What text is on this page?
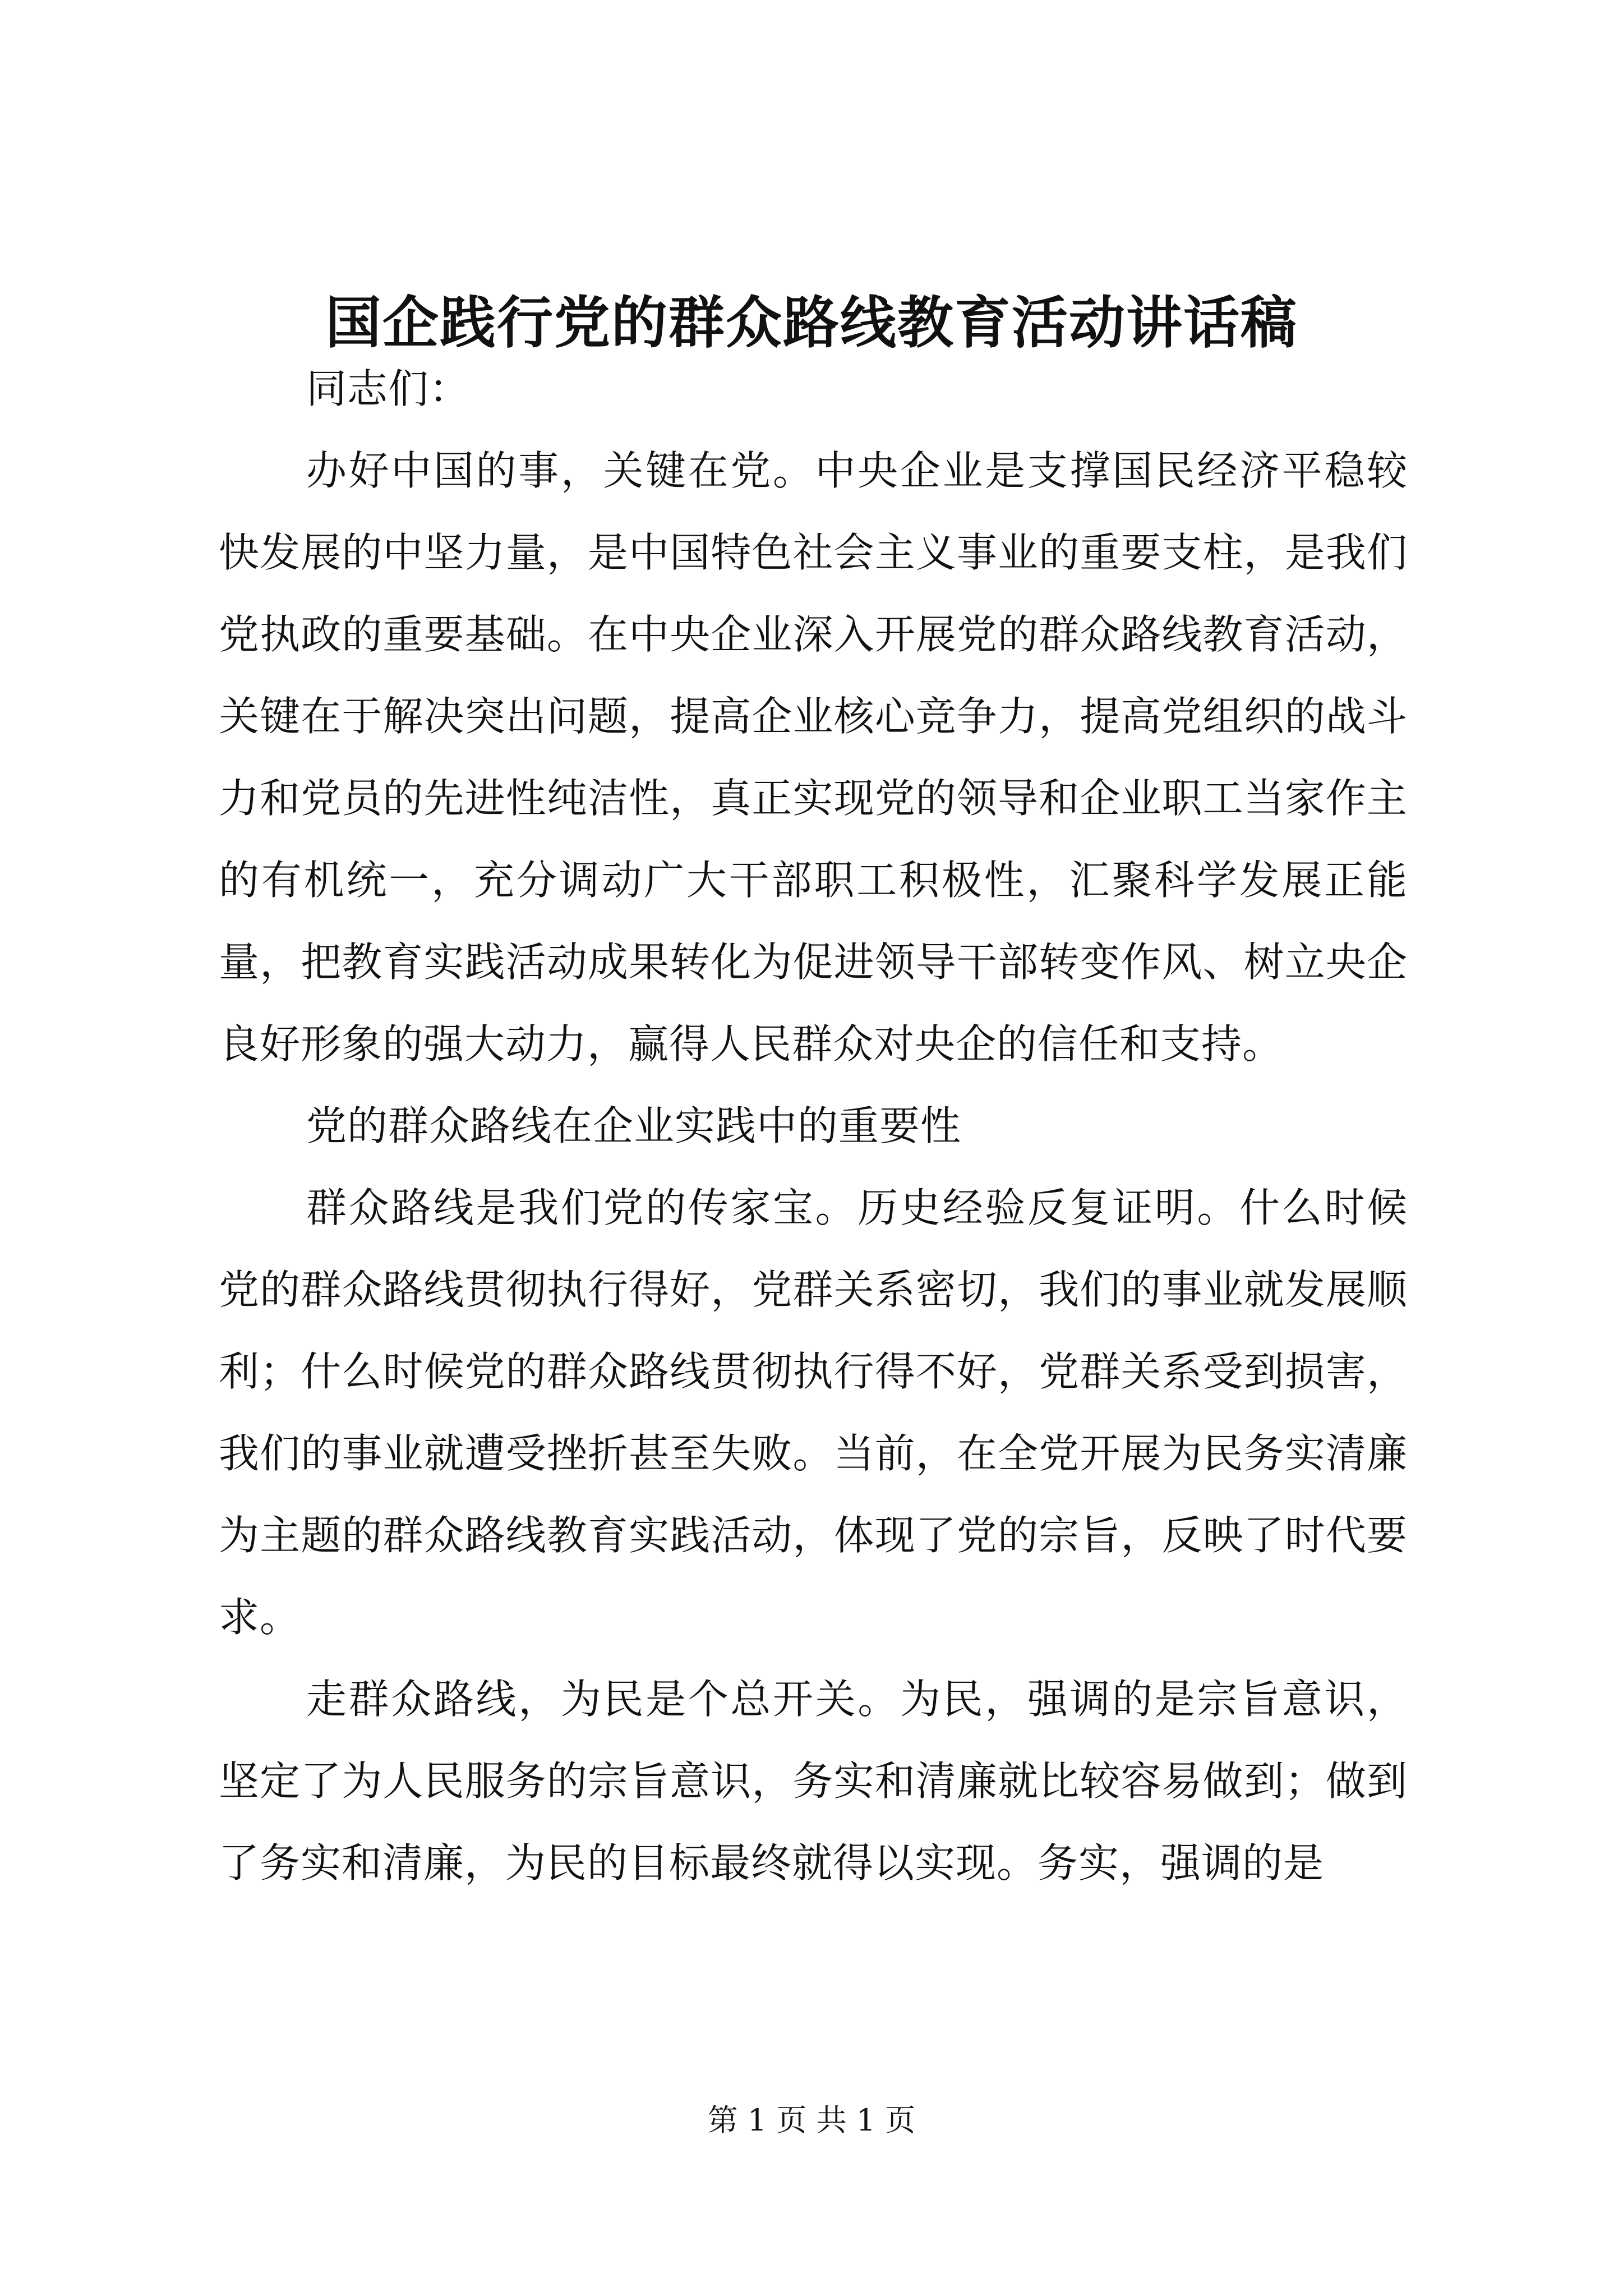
国企践行党的群众路线教育活动讲话稿

同志们：

办好中国的事，关键在党。中央企业是支撑国民经济平稳较快发展的中坚力量，是中国特色社会主义事业的重要支柱，是我们党执政的重要基础。在中央企业深入开展党的群众路线教育活动，关键在于解决突出问题，提高企业核心竞争力，提高党组织的战斗力和党员的先进性纯洁性，真正实现党的领导和企业职工当家作主的有机统一，充分调动广大干部职工积极性，汇聚科学发展正能量，把教育实践活动成果转化为促进领导干部转变作风、树立央企良好形象的强大动力，赢得人民群众对央企的信任和支持。

党的群众路线在企业实践中的重要性

群众路线是我们党的传家宝。历史经验反复证明。什么时候党的群众路线贯彻执行得好，党群关系密切，我们的事业就发展顺利；什么时候党的群众路线贯彻执行得不好，党群关系受到损害，我们的事业就遭受挫折甚至失败。当前，在全党开展为民务实清廉为主题的群众路线教育实践活动，体现了党的宗旨，反映了时代要求。

走群众路线，为民是个总开关。为民，强调的是宗旨意识，坚定了为人民服务的宗旨意识，务实和清廉就比较容易做到；做到了务实和清廉，为民的目标最终就得以实现。务实，强调的是

第 1 页 共 1 页
